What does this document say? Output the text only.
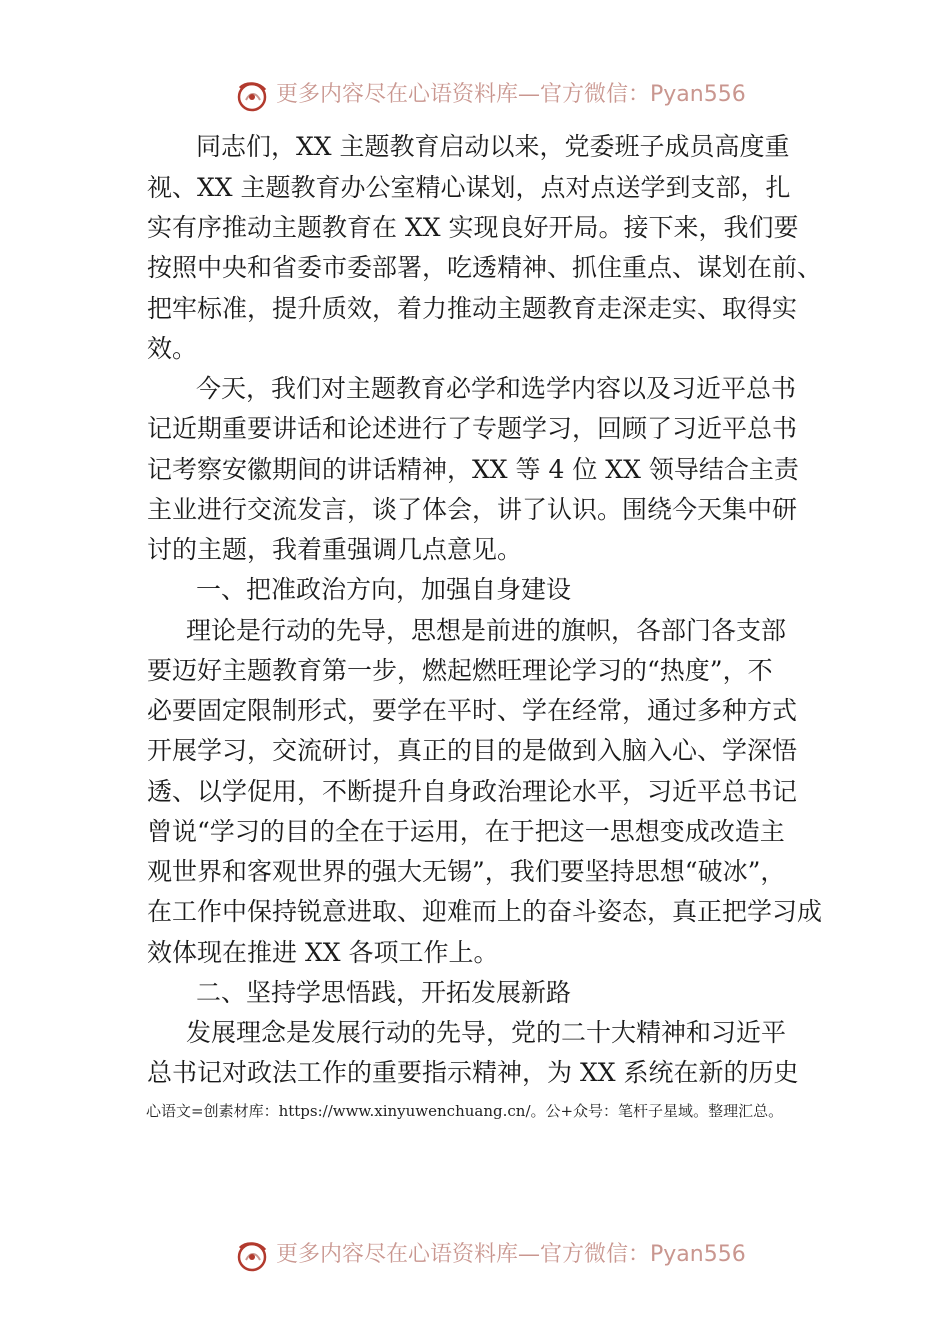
更多内容尽在心语资料库—官方微信：Pyan556
同志们，XX 主题教育启动以来，党委班子成员高度重
视、XX 主题教育办公室精心谋划，点对点送学到支部，扎
实有序推动主题教育在 XX 实现良好开局。接下来，我们要
按照中央和省委市委部署，吃透精神、抓住重点、谋划在前、
把牢标准，提升质效，着力推动主题教育走深走实、取得实
效。
今天，我们对主题教育必学和选学内容以及习近平总书
记近期重要讲话和论述进行了专题学习，回顾了习近平总书
记考察安徽期间的讲话精神，XX 等 4 位 XX 领导结合主责
主业进行交流发言，谈了体会，讲了认识。围绕今天集中研
讨的主题，我着重强调几点意见。
一、把准政治方向，加强自身建设
理论是行动的先导，思想是前进的旗帜，各部门各支部
要迈好主题教育第一步，燃起燃旺理论学习的“热度”，不
必要固定限制形式，要学在平时、学在经常，通过多种方式
开展学习，交流研讨，真正的目的是做到入脑入心、学深悟
透、以学促用，不断提升自身政治理论水平，习近平总书记
曾说“学习的目的全在于运用，在于把这一思想变成改造主
观世界和客观世界的强大无锡”，我们要坚持思想“破冰”，
在工作中保持锐意进取、迎难而上的奋斗姿态，真正把学习成
效体现在推进 XX 各项工作上。
二、坚持学思悟践，开拓发展新路
发展理念是发展行动的先导，党的二十大精神和习近平
总书记对政法工作的重要指示精神，为 XX 系统在新的历史
心语文=创素材库：https://www.xinyuwenchuang.cn/。公+众号：笔杆子星域。整理汇总。
更多内容尽在心语资料库—官方微信：Pyan556
